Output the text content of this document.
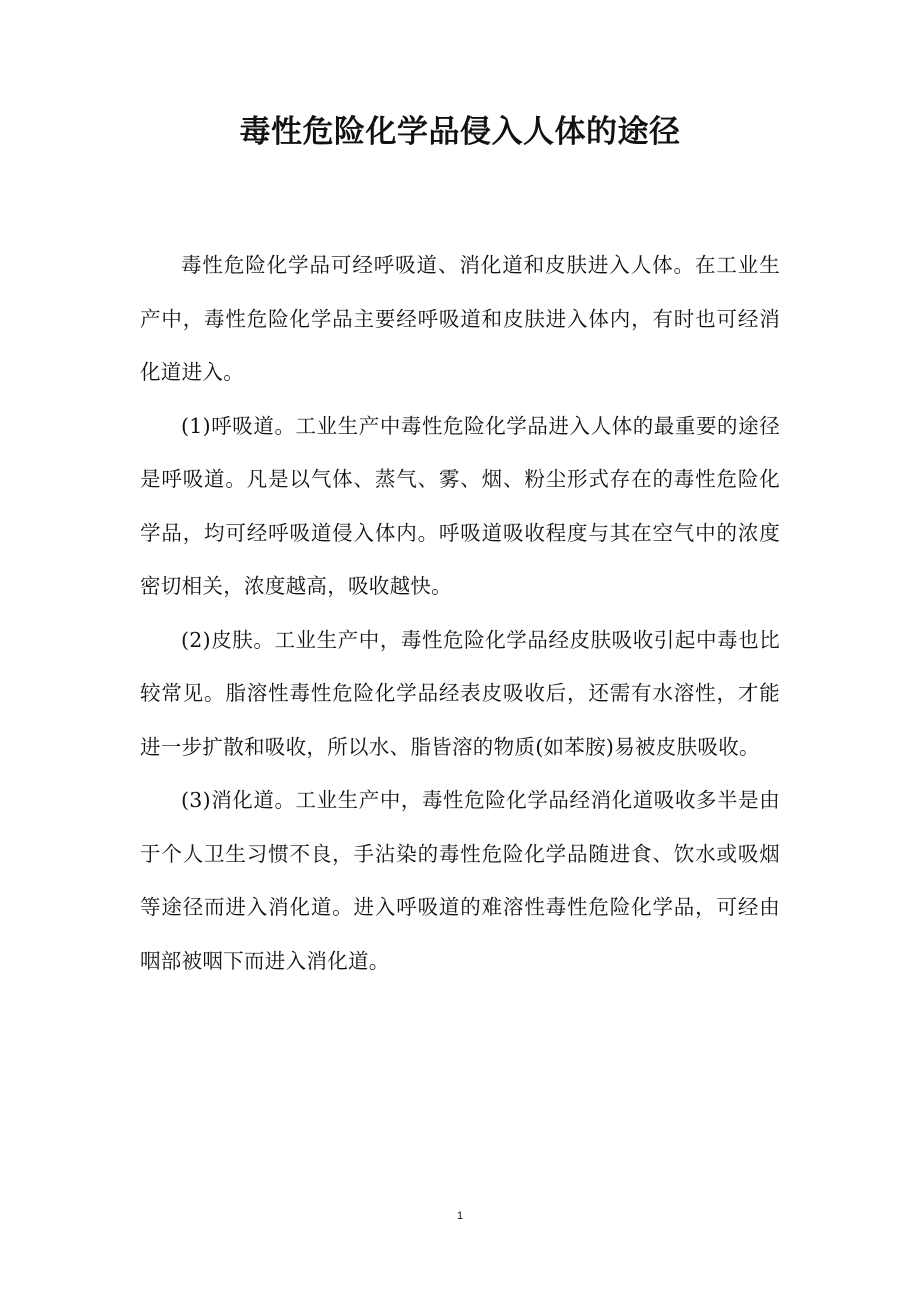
毒性危险化学品侵入人体的途径

毒性危险化学品可经呼吸道、消化道和皮肤进入人体。在工业生产中，毒性危险化学品主要经呼吸道和皮肤进入体内，有时也可经消化道进入。

(1)呼吸道。工业生产中毒性危险化学品进入人体的最重要的途径是呼吸道。凡是以气体、蒸气、雾、烟、粉尘形式存在的毒性危险化学品，均可经呼吸道侵入体内。呼吸道吸收程度与其在空气中的浓度密切相关，浓度越高，吸收越快。

(2)皮肤。工业生产中，毒性危险化学品经皮肤吸收引起中毒也比较常见。脂溶性毒性危险化学品经表皮吸收后，还需有水溶性，才能进一步扩散和吸收，所以水、脂皆溶的物质(如苯胺)易被皮肤吸收。

(3)消化道。工业生产中，毒性危险化学品经消化道吸收多半是由于个人卫生习惯不良，手沾染的毒性危险化学品随进食、饮水或吸烟等途径而进入消化道。进入呼吸道的难溶性毒性危险化学品，可经由咽部被咽下而进入消化道。

1
